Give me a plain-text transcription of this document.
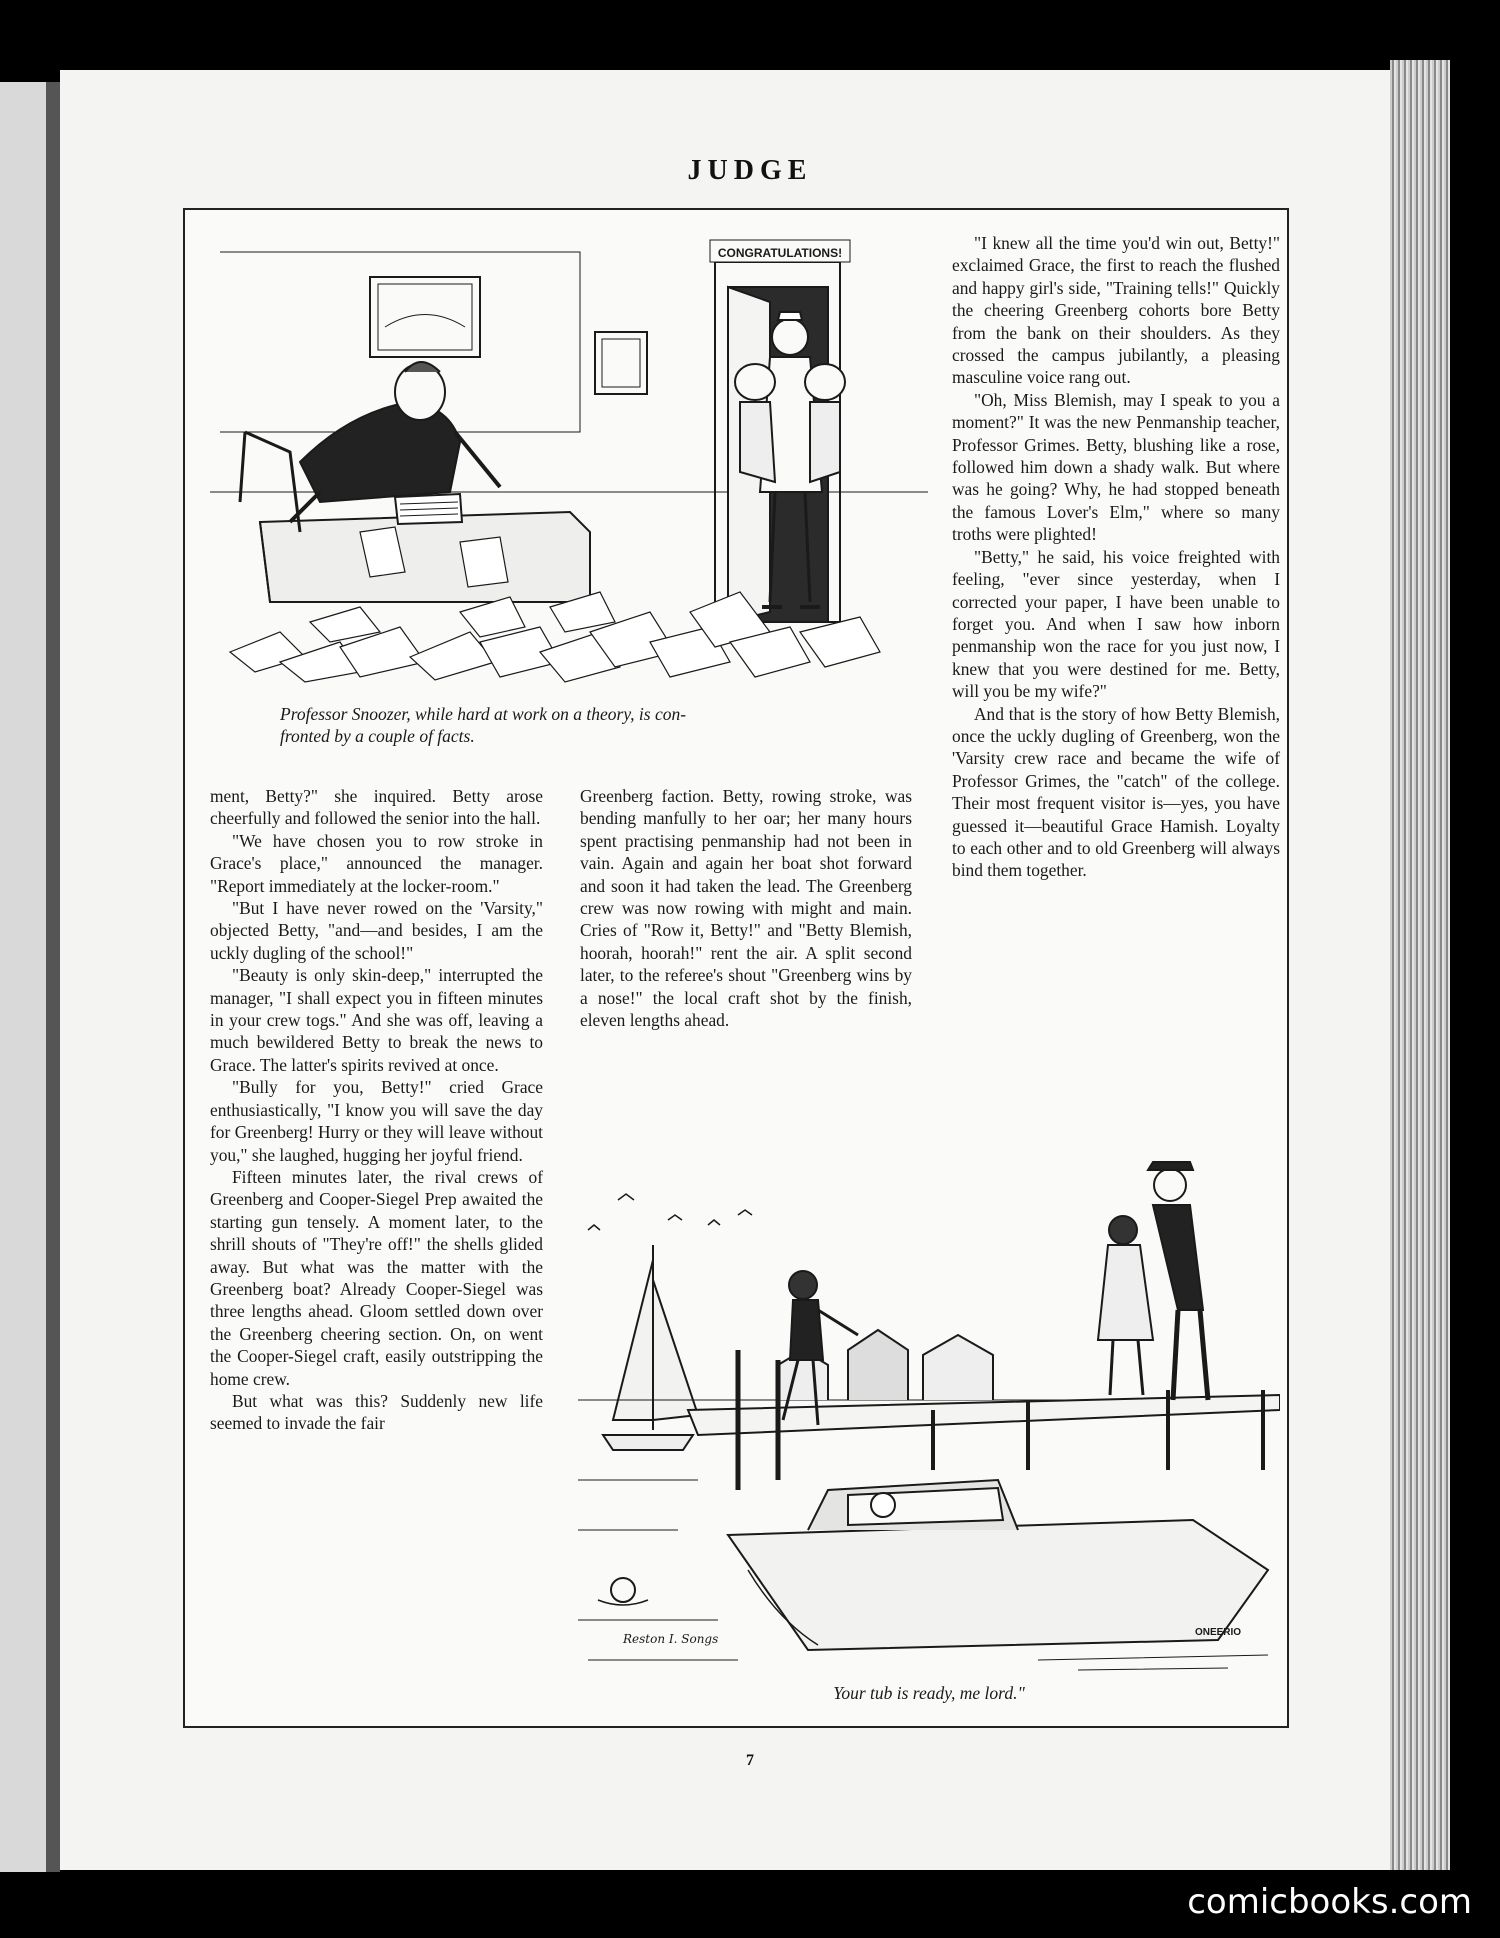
JUDGE
CONGRATULATIONS!
Professor Snoozer, while hard at work on a theory, is con-
fronted by a couple of facts.

"I knew all the time you'd win out, Betty!" exclaimed Grace, the first to reach the flushed and happy girl's side, "Training tells!" Quickly the cheering Greenberg cohorts bore Betty from the bank on their shoulders. As they crossed the campus jubilantly, a pleasing masculine voice rang out.

"Oh, Miss Blemish, may I speak to you a moment?" It was the new Penmanship teacher, Professor Grimes. Betty, blushing like a rose, followed him down a shady walk. But where was he going? Why, he had stopped beneath the famous Lover's Elm," where so many troths were plighted!

"Betty," he said, his voice freighted with feeling, "ever since yesterday, when I corrected your paper, I have been unable to forget you. And when I saw how inborn penmanship won the race for you just now, I knew that you were destined for me. Betty, will you be my wife?"

And that is the story of how Betty Blemish, once the uckly dugling of Greenberg, won the 'Varsity crew race and became the wife of Professor Grimes, the "catch" of the college. Their most frequent visitor is—yes, you have guessed it—beautiful Grace Hamish. Loyalty to each other and to old Greenberg will always bind them together.

ment, Betty?" she inquired. Betty arose cheerfully and followed the senior into the hall.

"We have chosen you to row stroke in Grace's place," announced the manager. "Report immediately at the locker-room."

"But I have never rowed on the 'Varsity," objected Betty, "and—and besides, I am the uckly dugling of the school!"

"Beauty is only skin-deep," interrupted the manager, "I shall expect you in fifteen minutes in your crew togs." And she was off, leaving a much bewildered Betty to break the news to Grace. The latter's spirits revived at once.

"Bully for you, Betty!" cried Grace enthusiastically, "I know you will save the day for Greenberg! Hurry or they will leave without you," she laughed, hugging her joyful friend.

Fifteen minutes later, the rival crews of Greenberg and Cooper-Siegel Prep awaited the starting gun tensely. A moment later, to the shrill shouts of "They're off!" the shells glided away. But what was the matter with the Greenberg boat? Already Cooper-Siegel was three lengths ahead. Gloom settled down over the Greenberg cheering section. On, on went the Cooper-Siegel craft, easily outstripping the home crew.

But what was this? Suddenly new life seemed to invade the fair

Greenberg faction. Betty, rowing stroke, was bending manfully to her oar; her many hours spent practising penmanship had not been in vain. Again and again her boat shot forward and soon it had taken the lead. The Greenberg crew was now rowing with might and main. Cries of "Row it, Betty!" and "Betty Blemish, hoorah, hoorah!" rent the air. A split second later, to the referee's shout "Greenberg wins by a nose!" the local craft shot by the finish, eleven lengths ahead.

Reston I. Songs	ONEERIO
Your tub is ready, me lord."
7
comicbooks.com
